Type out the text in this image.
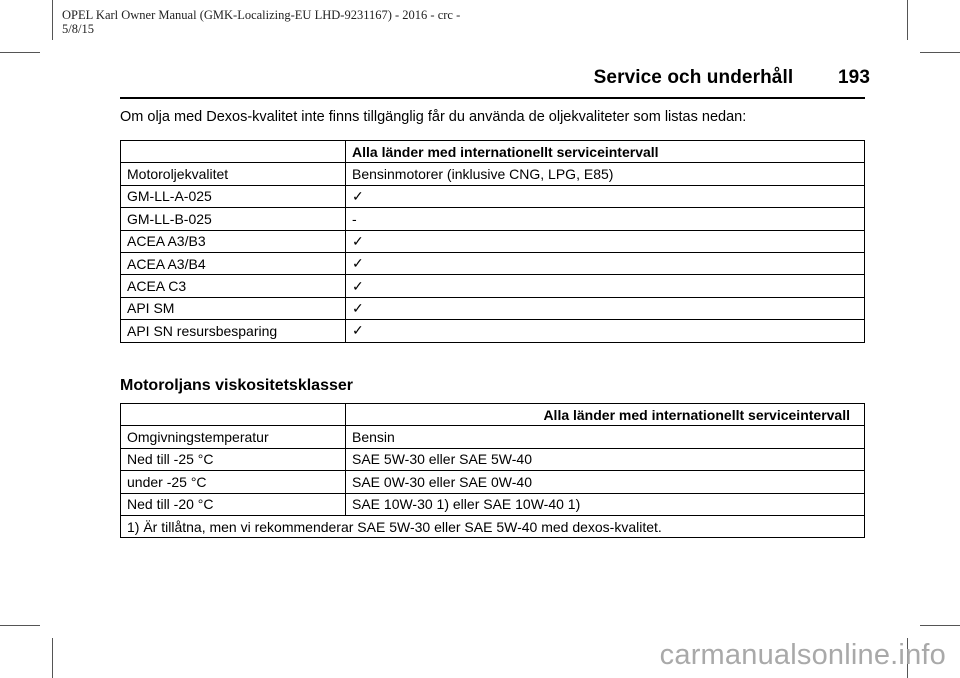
OPEL Karl Owner Manual (GMK-Localizing-EU LHD-9231167) - 2016 - crc -
5/8/15
Service och underhåll 193
Om olja med Dexos-kvalitet inte finns tillgänglig får du använda de oljekvaliteter som listas nedan:
	Alla länder med internationellt serviceintervall
Motoroljekvalitet	Bensinmotorer (inklusive CNG, LPG, E85)
GM-LL-A-025	✓
GM-LL-B-025	-
ACEA A3/B3	✓
ACEA A3/B4	✓
ACEA C3	✓
API SM	✓
API SN resursbesparing	✓
Motoroljans viskositetsklasser
	Alla länder med internationellt serviceintervall
Omgivningstemperatur	Bensin
Ned till -25 °C	SAE 5W-30 eller SAE 5W-40
under -25 °C	SAE 0W-30 eller SAE 0W-40
Ned till -20 °C	SAE 10W-30 1) eller SAE 10W-40 1)
1) Är tillåtna, men vi rekommenderar SAE 5W-30 eller SAE 5W-40 med dexos-kvalitet.	
carmanualsonline.info
